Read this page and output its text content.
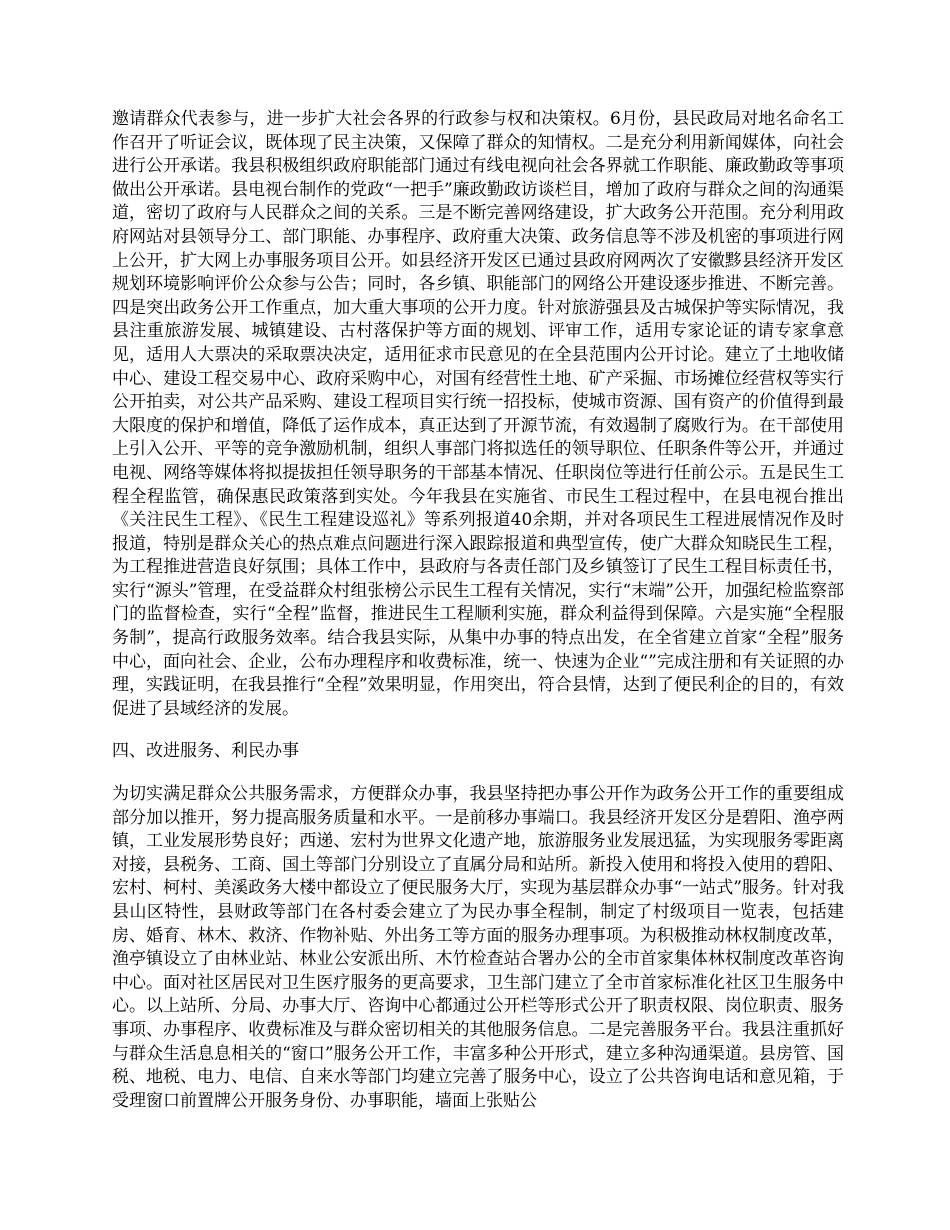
邀请群众代表参与，进一步扩大社会各界的行政参与权和决策权。6月份，县民政局对地名命名工作召开了听证会议，既体现了民主决策，又保障了群众的知情权。二是充分利用新闻媒体，向社会进行公开承诺。我县积极组织政府职能部门通过有线电视向社会各界就工作职能、廉政勤政等事项做出公开承诺。县电视台制作的党政“一把手”廉政勤政访谈栏目，增加了政府与群众之间的沟通渠道，密切了政府与人民群众之间的关系。三是不断完善网络建设，扩大政务公开范围。充分利用政府网站对县领导分工、部门职能、办事程序、政府重大决策、政务信息等不涉及机密的事项进行网上公开，扩大网上办事服务项目公开。如县经济开发区已通过县政府网两次了安徽黟县经济开发区规划环境影响评价公众参与公告；同时，各乡镇、职能部门的网络公开建设逐步推进、不断完善。四是突出政务公开工作重点，加大重大事项的公开力度。针对旅游强县及古城保护等实际情况，我县注重旅游发展、城镇建设、古村落保护等方面的规划、评审工作，适用专家论证的请专家拿意见，适用人大票决的采取票决决定，适用征求市民意见的在全县范围内公开讨论。建立了土地收储中心、建设工程交易中心、政府采购中心，对国有经营性土地、矿产采掘、市场摊位经营权等实行公开拍卖，对公共产品采购、建设工程项目实行统一招投标，使城市资源、国有资产的价值得到最大限度的保护和增值，降低了运作成本，真正达到了开源节流，有效遏制了腐败行为。在干部使用上引入公开、平等的竞争激励机制，组织人事部门将拟选任的领导职位、任职条件等公开，并通过电视、网络等媒体将拟提拔担任领导职务的干部基本情况、任职岗位等进行任前公示。五是民生工程全程监管，确保惠民政策落到实处。今年我县在实施省、市民生工程过程中，在县电视台推出《关注民生工程》、《民生工程建设巡礼》等系列报道40余期，并对各项民生工程进展情况作及时报道，特别是群众关心的热点难点问题进行深入跟踪报道和典型宣传，使广大群众知晓民生工程，为工程推进营造良好氛围；具体工作中，县政府与各责任部门及乡镇签订了民生工程目标责任书，实行“源头”管理，在受益群众村组张榜公示民生工程有关情况，实行“末端”公开，加强纪检监察部门的监督检查，实行“全程”监督，推进民生工程顺利实施，群众利益得到保障。六是实施“全程服务制”，提高行政服务效率。结合我县实际，从集中办事的特点出发，在全省建立首家“全程”服务中心，面向社会、企业，公布办理程序和收费标准，统一、快速为企业“”完成注册和有关证照的办理，实践证明，在我县推行“全程”效果明显，作用突出，符合县情，达到了便民利企的目的，有效促进了县域经济的发展。

四、改进服务、利民办事

为切实满足群众公共服务需求，方便群众办事，我县坚持把办事公开作为政务公开工作的重要组成部分加以推开，努力提高服务质量和水平。一是前移办事端口。我县经济开发区分是碧阳、渔亭两镇，工业发展形势良好；西递、宏村为世界文化遗产地，旅游服务业发展迅猛，为实现服务零距离对接，县税务、工商、国土等部门分别设立了直属分局和站所。新投入使用和将投入使用的碧阳、宏村、柯村、美溪政务大楼中都设立了便民服务大厅，实现为基层群众办事“一站式”服务。针对我县山区特性，县财政等部门在各村委会建立了为民办事全程制，制定了村级项目一览表，包括建房、婚育、林木、救济、作物补贴、外出务工等方面的服务办理事项。为积极推动林权制度改革，渔亭镇设立了由林业站、林业公安派出所、木竹检查站合署办公的全市首家集体林权制度改革咨询中心。面对社区居民对卫生医疗服务的更高要求，卫生部门建立了全市首家标准化社区卫生服务中心。以上站所、分局、办事大厅、咨询中心都通过公开栏等形式公开了职责权限、岗位职责、服务事项、办事程序、收费标准及与群众密切相关的其他服务信息。二是完善服务平台。我县注重抓好与群众生活息息相关的“窗口”服务公开工作，丰富多种公开形式，建立多种沟通渠道。县房管、国税、地税、电力、电信、自来水等部门均建立完善了服务中心，设立了公共咨询电话和意见箱，于受理窗口前置牌公开服务身份、办事职能，墙面上张贴公
